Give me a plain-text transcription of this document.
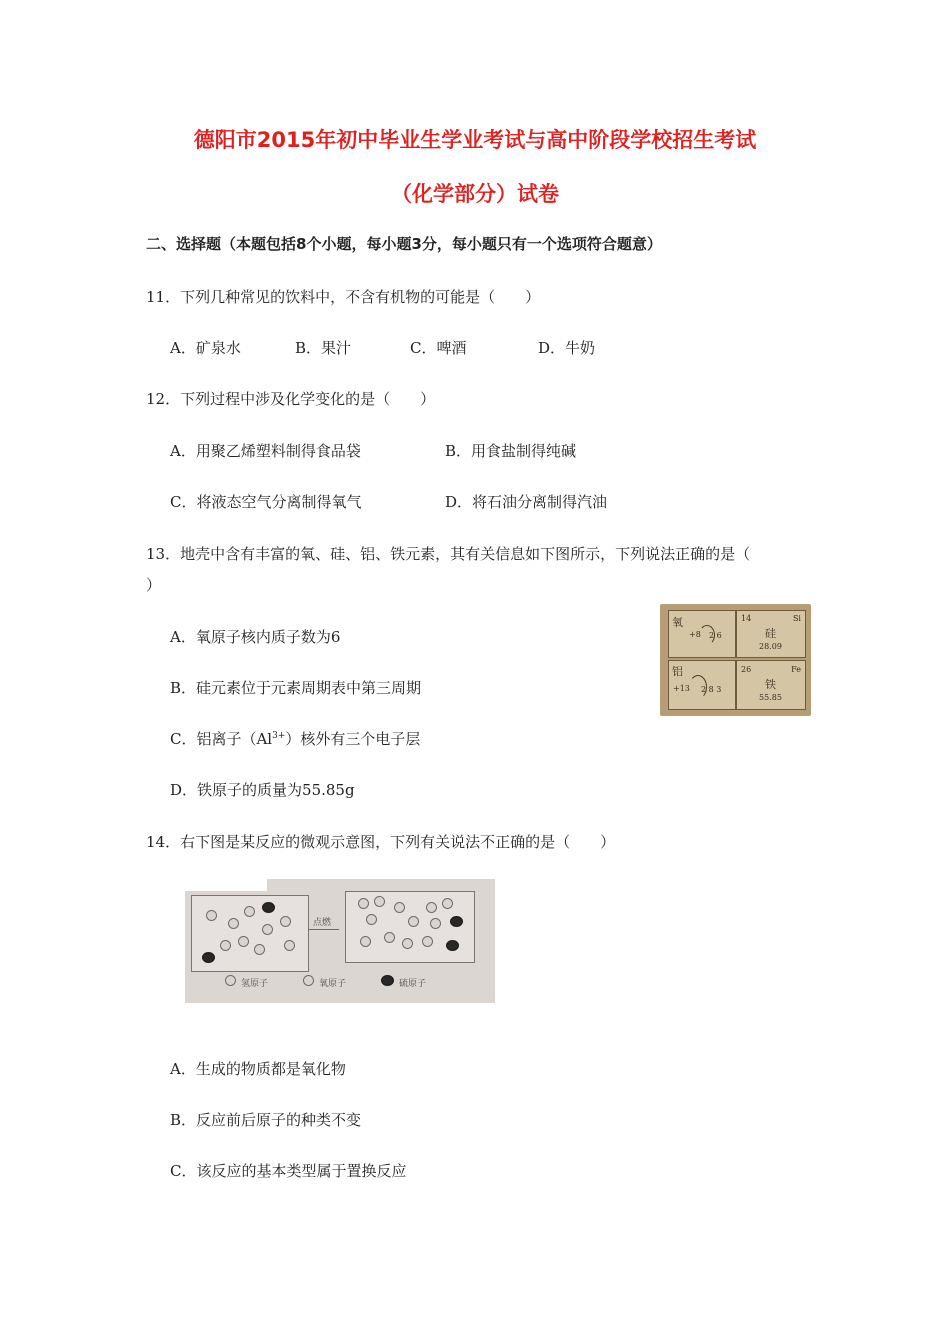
德阳市2015年初中毕业生学业考试与高中阶段学校招生考试
（化学部分）试卷
二、选择题（本题包括8个小题，每小题3分，每小题只有一个选项符合题意）
11．下列几种常见的饮料中，不含有机物的可能是（　　）
A．矿泉水	B．果汁	C．啤酒	D．牛奶
12．下列过程中涉及化学变化的是（　　）
A．用聚乙烯塑料制得食品袋	B．用食盐制得纯碱
C．将液态空气分离制得氧气	D．将石油分离制得汽油
13．地壳中含有丰富的氧、硅、铝、铁元素，其有关信息如下图所示，下列说法正确的是（
）
A．氧原子核内质子数为6
B．硅元素位于元素周期表中第三周期
C．铝离子$(Al^{3+})$核外有三个电子层
D．铁原子的质量为55.85g
氧
+8 2 6
14	Si
硅
28.09
铝
+13 2 8 3
26	Fe
铁
55.85
14．右下图是某反应的微观示意图，下列有关说法不正确的是（　　）
点燃
氢原子	氧原子	硫原子
A．生成的物质都是氧化物
B．反应前后原子的种类不变
C．该反应的基本类型属于置换反应
